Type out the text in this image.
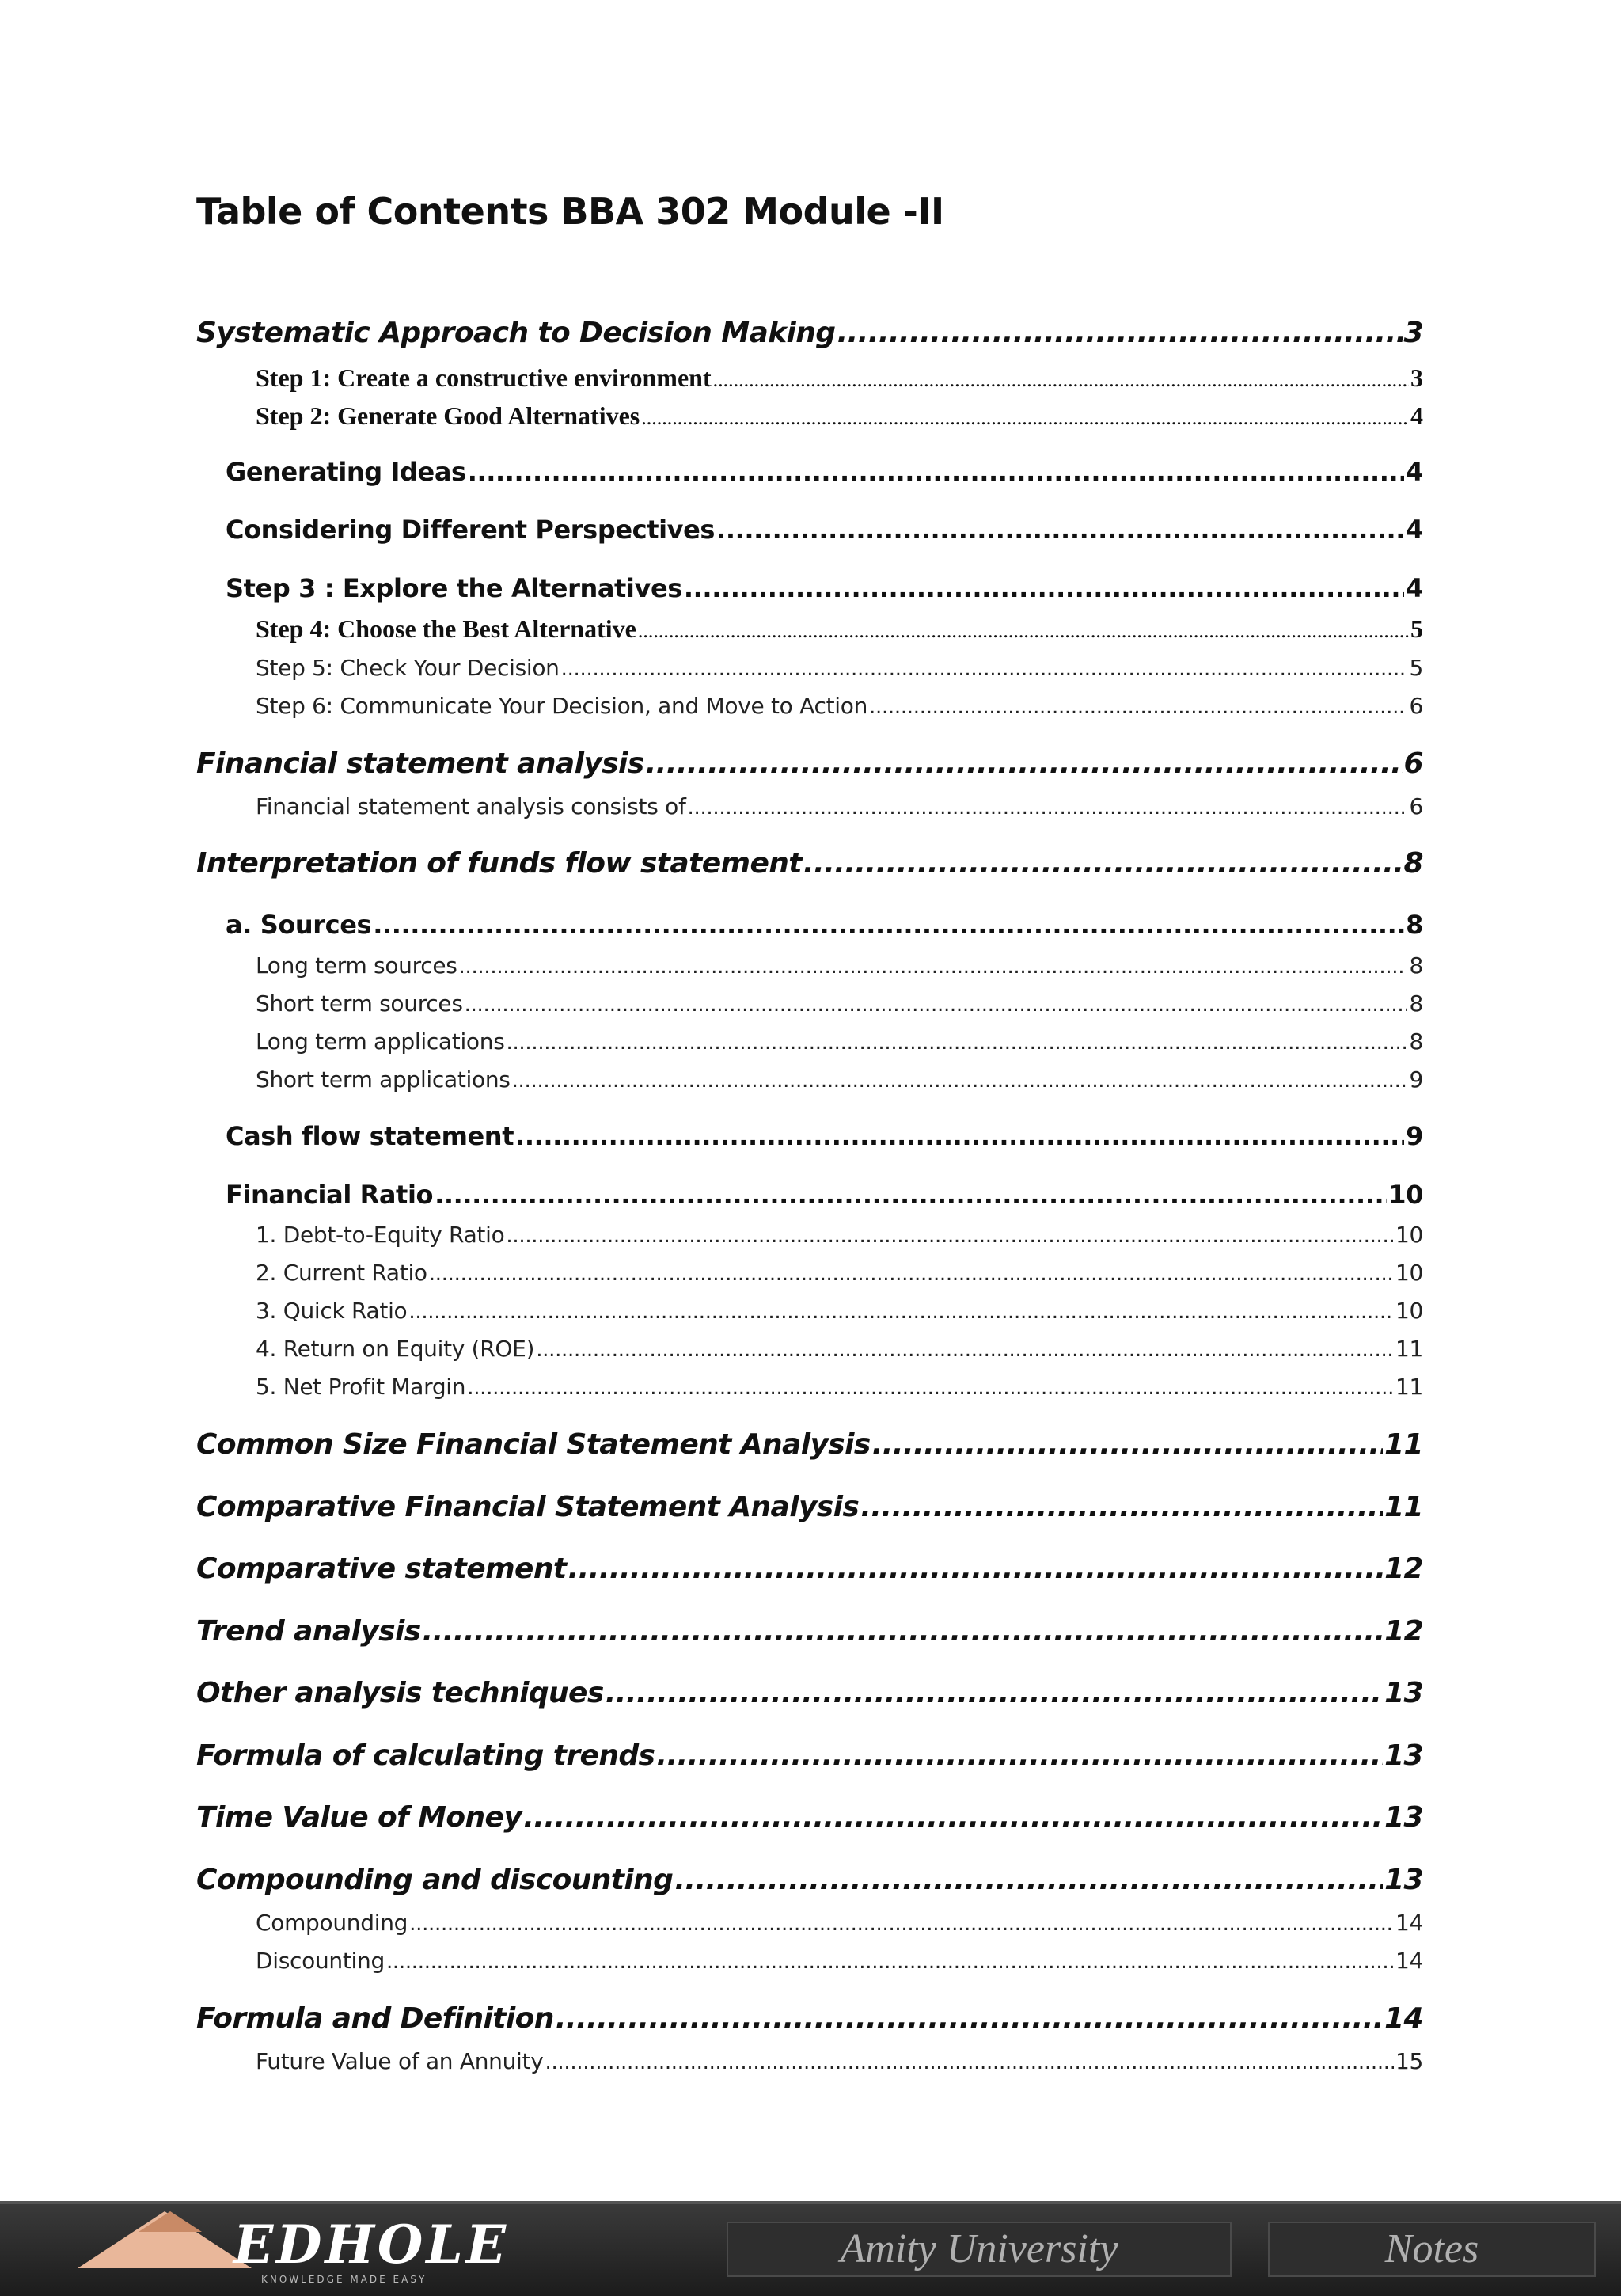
Table of Contents BBA 302 Module -II
Systematic Approach to Decision Making .....	3
Step 1: Create a constructive environment .....	3
Step 2: Generate Good Alternatives .....	4
Generating Ideas .....	4
Considering Different Perspectives .....	4
Step 3 : Explore the Alternatives .....	4
Step 4: Choose the Best Alternative .....	5
Step 5: Check Your Decision .....	5
Step 6: Communicate Your Decision, and Move to Action .....	6
Financial statement analysis .....	6
Financial statement analysis consists of .....	6
Interpretation of funds flow statement .....	8
a. Sources .....	8
Long term sources .....	8
Short term sources .....	8
Long term applications .....	8
Short term applications .....	9
Cash flow statement .....	9
Financial Ratio .....	10
1. Debt-to-Equity Ratio .....	10
2. Current Ratio .....	10
3. Quick Ratio .....	10
4. Return on Equity (ROE) .....	11
5. Net Profit Margin .....	11
Common Size Financial Statement Analysis .....	11
Comparative Financial Statement Analysis .....	11
Comparative statement .....	12
Trend analysis .....	12
Other analysis techniques .....	13
Formula of calculating trends .....	13
Time Value of Money .....	13
Compounding and discounting .....	13
Compounding .....	14
Discounting .....	14
Formula and Definition .....	14
Future Value of an Annuity .....	15
EDHOLE
KNOWLEDGE MADE EASY
Amity University	Notes
